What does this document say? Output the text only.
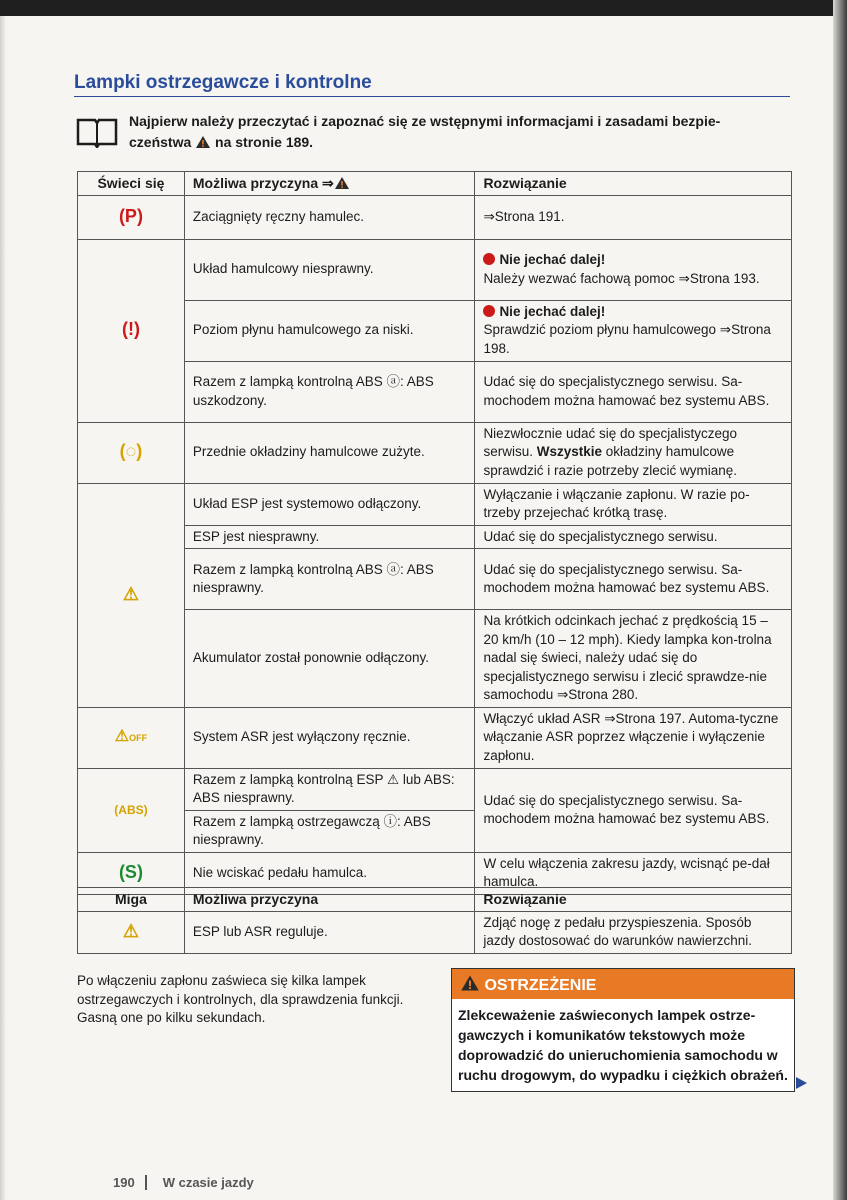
Lampki ostrzegawcze i kontrolne
Najpierw należy przeczytać i zapoznać się ze wstępnymi informacjami i zasadami bezpie-czeństwa na stronie 189.
Świeci się	Możliwa przyczyna ⇒	Rozwiązanie
(P)	Zaciągnięty ręczny hamulec.	⇒Strona 191.
(!)	Układ hamulcowy niesprawny.	Nie jechać dalej!
Należy wezwać fachową pomoc ⇒Strona 193.
	Poziom płynu hamulcowego za niski.	Nie jechać dalej!
Sprawdzić poziom płynu hamulcowego ⇒Strona 198.
	Razem z lampką kontrolną ABS ⓐ: ABS uszkodzony.	Udać się do specjalistycznego serwisu. Sa-mochodem można hamować bez systemu ABS.
(◌)	Przednie okładziny hamulcowe zużyte.	Niezwłocznie udać się do specjalistyczego serwisu. Wszystkie okładziny hamulcowe sprawdzić i razie potrzeby zlecić wymianę.
⚠	Układ ESP jest systemowo odłączony.	Wyłączanie i włączanie zapłonu. W razie po-trzeby przejechać krótką trasę.
	ESP jest niesprawny.	Udać się do specjalistycznego serwisu.
	Razem z lampką kontrolną ABS ⓐ: ABS niesprawny.	Udać się do specjalistycznego serwisu. Sa-mochodem można hamować bez systemu ABS.
	Akumulator został ponownie odłączony.	Na krótkich odcinkach jechać z prędkością 15 – 20 km/h (10 – 12 mph). Kiedy lampka kon-trolna nadal się świeci, należy udać się do specjalistycznego serwisu i zlecić sprawdze-nie samochodu ⇒Strona 280.
⚠OFF	System ASR jest wyłączony ręcznie.	Włączyć układ ASR ⇒Strona 197. Automa-tyczne włączanie ASR poprzez włączenie i wyłączenie zapłonu.
(ABS)	Razem z lampką kontrolną ESP ⚠ lub ABS: ABS niesprawny.	Udać się do specjalistycznego serwisu. Sa-mochodem można hamować bez systemu ABS.
	Razem z lampką ostrzegawczą ⓘ: ABS niesprawny.	
(S)	Nie wciskać pedału hamulca.	W celu włączenia zakresu jazdy, wcisnąć pe-dał hamulca.
Miga	Możliwa przyczyna	Rozwiązanie
⚠	ESP lub ASR reguluje.	Zdjąć nogę z pedału przyspieszenia. Sposób jazdy dostosować do warunków nawierzchni.
Po włączeniu zapłonu zaświeca się kilka lampek ostrzegawczych i kontrolnych, dla sprawdzenia funkcji. Gasną one po kilku sekundach.
OSTRZEŻENIE
Zlekceważenie zaświeconych lampek ostrze-gawczych i komunikatów tekstowych może doprowadzić do unieruchomienia samochodu w ruchu drogowym, do wypadku i ciężkich obrażeń.
190 W czasie jazdy
